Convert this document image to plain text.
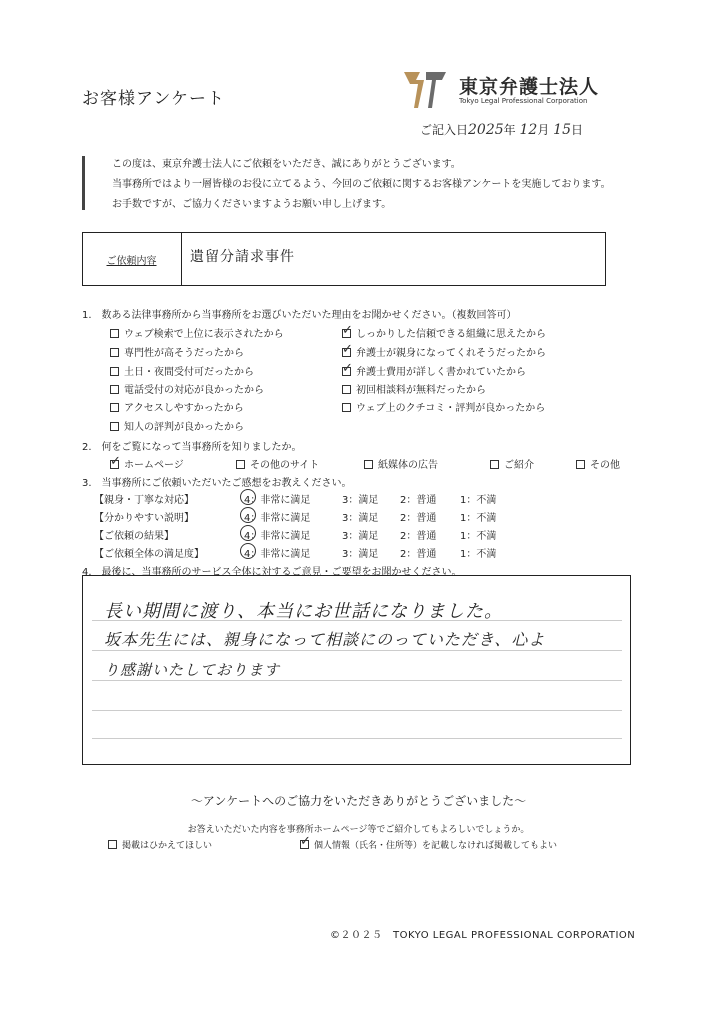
お客様アンケート
東京弁護士法人
Tokyo Legal Professional Corporation
ご記入日2025年 12月 15日
この度は、東京弁護士法人にご依頼をいただき、誠にありがとうございます。
当事務所ではより一層皆様のお役に立てるよう、今回のご依頼に関するお客様アンケートを実施しております。
お手数ですが、ご協力くださいますようお願い申し上げます。
ご依頼内容	遺留分請求事件
1.　数ある法律事務所から当事務所をお選びいただいた理由をお聞かせください。（複数回答可）
ウェブ検索で上位に表示されたから
専門性が高そうだったから
土日・夜間受付可だったから
電話受付の対応が良かったから
アクセスしやすかったから
知人の評判が良かったから
✓しっかりした信頼できる組織に思えたから
✓弁護士が親身になってくれそうだったから
✓弁護士費用が詳しく書かれていたから
初回相談料が無料だったから
ウェブ上のクチコミ・評判が良かったから
2.　何をご覧になって当事務所を知りましたか。
✓ホームページ	その他のサイト	紙媒体の広告	ご紹介	その他
3.　当事務所にご依頼いただいたご感想をお教えください。
【親身・丁寧な対応】	4：非常に満足	3：満足 2：普通 1：不満
【分かりやすい説明】	4：非常に満足	3：満足 2：普通 1：不満
【ご依頼の結果】	4：非常に満足	3：満足 2：普通 1：不満
【ご依頼全体の満足度】	4：非常に満足	3：満足 2：普通 1：不満
4.　最後に、当事務所のサービス全体に対するご意見・ご要望をお聞かせください。
長い期間に渡り、本当にお世話になりました。
坂本先生には、親身になって相談にのっていただき、心よ
り感謝いたしております
～アンケートへのご協力をいただきありがとうございました～
お答えいただいた内容を事務所ホームページ等でご紹介してもよろしいでしょうか。
掲載はひかえてほしい
✓	個人情報（氏名・住所等）を記載しなければ掲載してもよい
©２０２５　TOKYO LEGAL PROFESSIONAL CORPORATION
